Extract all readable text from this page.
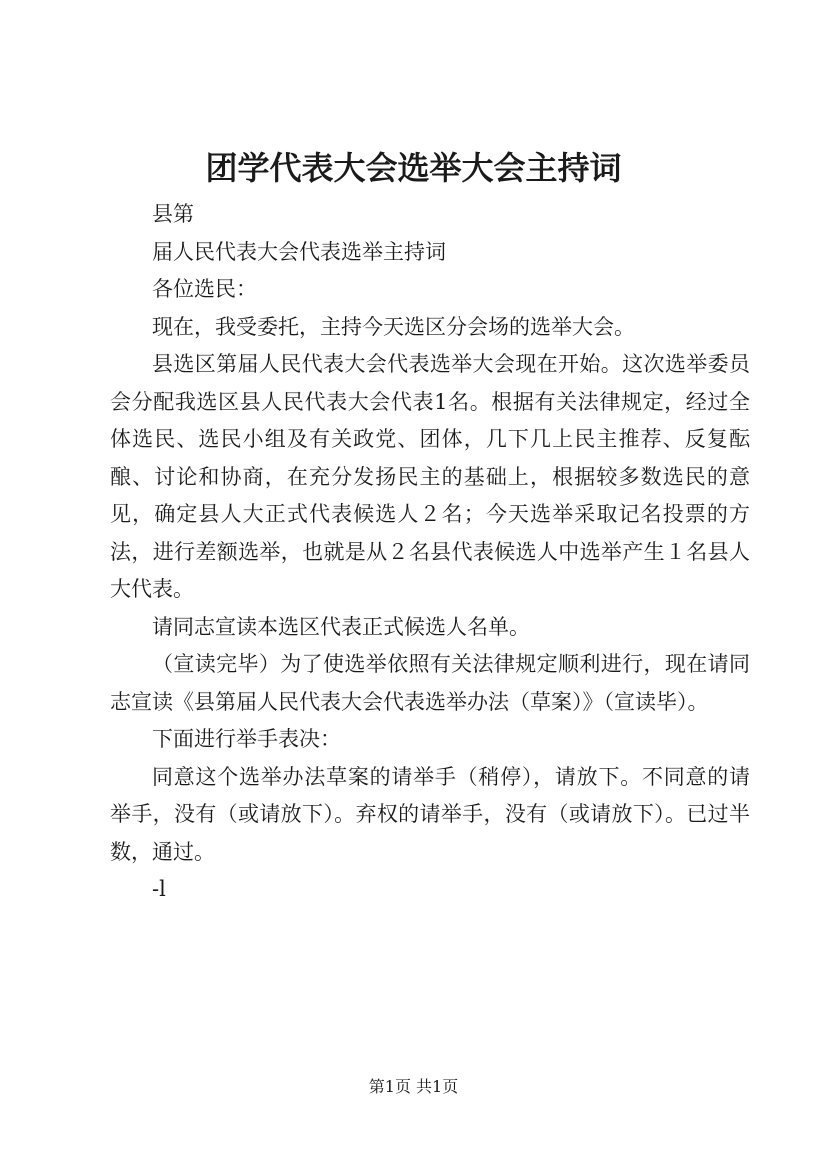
团学代表大会选举大会主持词

县第

届人民代表大会代表选举主持词

各位选民：

现在，我受委托，主持今天选区分会场的选举大会。

县选区第届人民代表大会代表选举大会现在开始。这次选举委员会分配我选区县人民代表大会代表1名。根据有关法律规定，经过全体选民、选民小组及有关政党、团体，几下几上民主推荐、反复酝酿、讨论和协商，在充分发扬民主的基础上，根据较多数选民的意见，确定县人大正式代表候选人２名；今天选举采取记名投票的方法，进行差额选举，也就是从２名县代表候选人中选举产生１名县人大代表。

请同志宣读本选区代表正式候选人名单。

（宣读完毕）为了使选举依照有关法律规定顺利进行，现在请同志宣读《县第届人民代表大会代表选举办法（草案）》（宣读毕）。

下面进行举手表决：

同意这个选举办法草案的请举手（稍停），请放下。不同意的请举手，没有（或请放下）。弃权的请举手，没有（或请放下）。已过半数，通过。

-l

第1页 共1页
